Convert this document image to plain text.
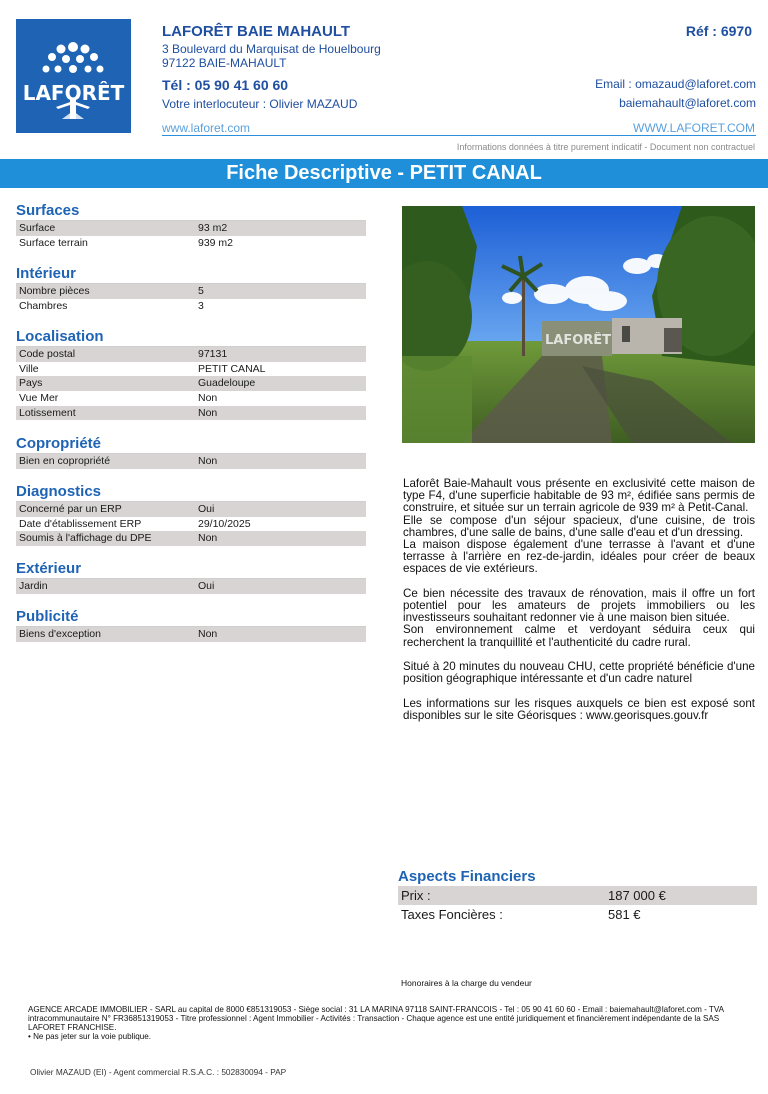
LAFORÊT
LAFORÊT BAIE MAHAULT
3 Boulevard du Marquisat de Houelbourg
97122 BAIE-MAHAULT
Tél : 05 90 41 60 60
Votre interlocuteur : Olivier MAZAUD
Réf : 6970
Email : omazaud@laforet.com
baiemahault@laforet.com
www.laforet.com	WWW.LAFORET.COM
Informations données à titre purement indicatif - Document non contractuel
Fiche Descriptive - PETIT CANAL
Surfaces
Surface	93 m2
Surface terrain	939 m2
Intérieur
Nombre pièces	5
Chambres	3
Localisation
Code postal	97131
Ville	PETIT CANAL
Pays	Guadeloupe
Vue Mer	Non
Lotissement	Non
Copropriété
Bien en copropriété	Non
Diagnostics
Concerné par un ERP	Oui
Date d'établissement ERP	29/10/2025
Soumis à l'affichage du DPE	Non
Extérieur
Jardin	Oui
Publicité
Biens d'exception	Non
LAFORÊT

Laforêt Baie-Mahault vous présente en exclusivité cette maison de type F4, d'une superficie habitable de 93 m², édifiée sans permis de construire, et située sur un terrain agricole de 939 m² à Petit-Canal.

Elle se compose d'un séjour spacieux, d'une cuisine, de trois chambres, d'une salle de bains, d'une salle d'eau et d'un dressing.

La maison dispose également d'une terrasse à l'avant et d'une terrasse à l'arrière en rez-de-jardin, idéales pour créer de beaux espaces de vie extérieurs.

Ce bien nécessite des travaux de rénovation, mais il offre un fort potentiel pour les amateurs de projets immobiliers ou les investisseurs souhaitant redonner vie à une maison bien située.

Son environnement calme et verdoyant séduira ceux qui recherchent la tranquillité et l'authenticité du cadre rural.

Situé à 20 minutes du nouveau CHU, cette propriété bénéficie d'une position géographique intéressante et d'un cadre naturel

Les informations sur les risques auxquels ce bien est exposé sont disponibles sur le site Géorisques : www.georisques.gouv.fr

Aspects Financiers
Prix :	187 000 €
Taxes Foncières :	581 €
Honoraires à la charge du vendeur
AGENCE ARCADE IMMOBILIER - SARL au capital de 8000 €851319053 - Siège social : 31 LA MARINA 97118 SAINT-FRANCOIS - Tel : 05 90 41 60 60 - Email : baiemahault@laforet.com - TVA intracommunautaire N° FR36851319053 - Titre professionnel : Agent Immobilier - Activités : Transaction - Chaque agence est une entité juridiquement et financièrement indépendante de la SAS LAFORET FRANCHISE.
• Ne pas jeter sur la voie publique.
Olivier MAZAUD (EI) - Agent commercial R.S.A.C. : 502830094 - PAP
